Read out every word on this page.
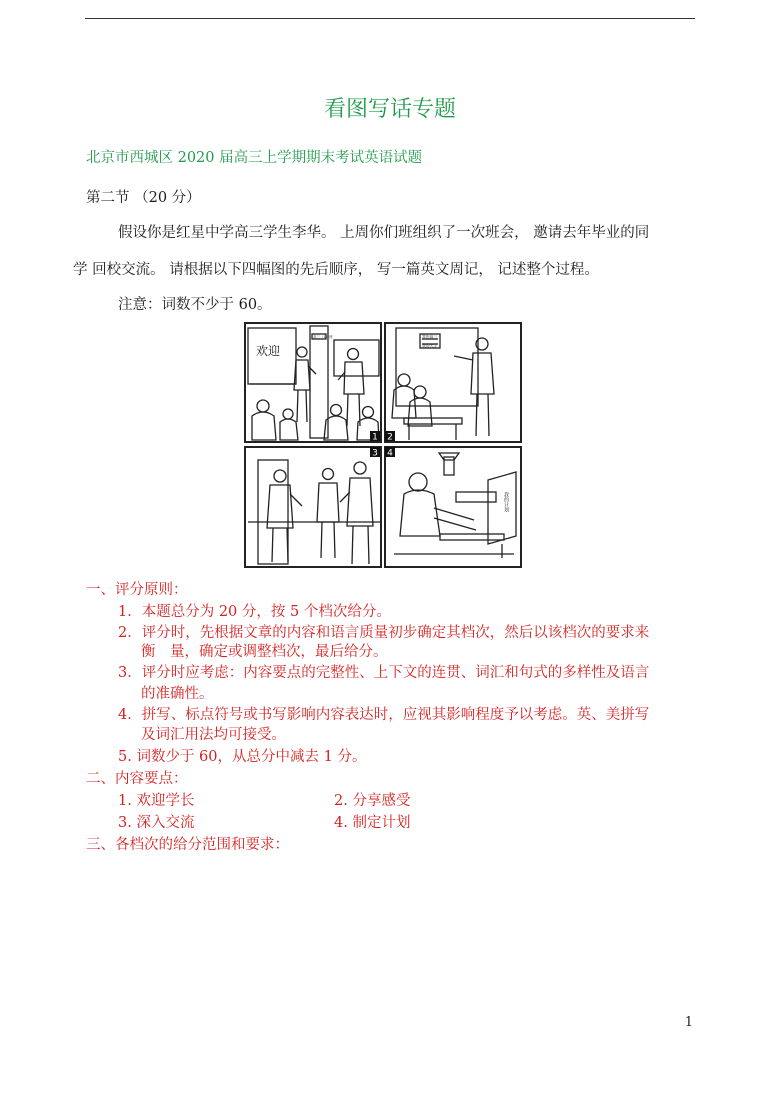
看图写话专题
北京市西城区 2020 届高三上学期期末考试英语试题
第二节 （20 分）
假设你是红星中学高三学生李华。 上周你们班组织了一次班会， 邀请去年毕业的同
学 回校交流。 请根据以下四幅图的先后顺序， 写一篇英文周记， 记述整个过程。
注意：词数不少于 60。
1 2
3 4
欢迎
高三（1）班	我的高三
我的大学
我的计划
一、评分原则：
1．本题总分为 20 分，按 5 个档次给分。
2．评分时，先根据文章的内容和语言质量初步确定其档次，然后以该档次的要求来
衡　量，确定或调整档次，最后给分。
3．评分时应考虑：内容要点的完整性、上下文的连贯、词汇和句式的多样性及语言
的准确性。
4．拼写、标点符号或书写影响内容表达时，应视其影响程度予以考虑。英、美拼写
及词汇用法均可接受。
5. 词数少于 60，从总分中减去 1 分。
二、内容要点：
1. 欢迎学长	2. 分享感受
3. 深入交流	4. 制定计划
三、各档次的给分范围和要求：
1
